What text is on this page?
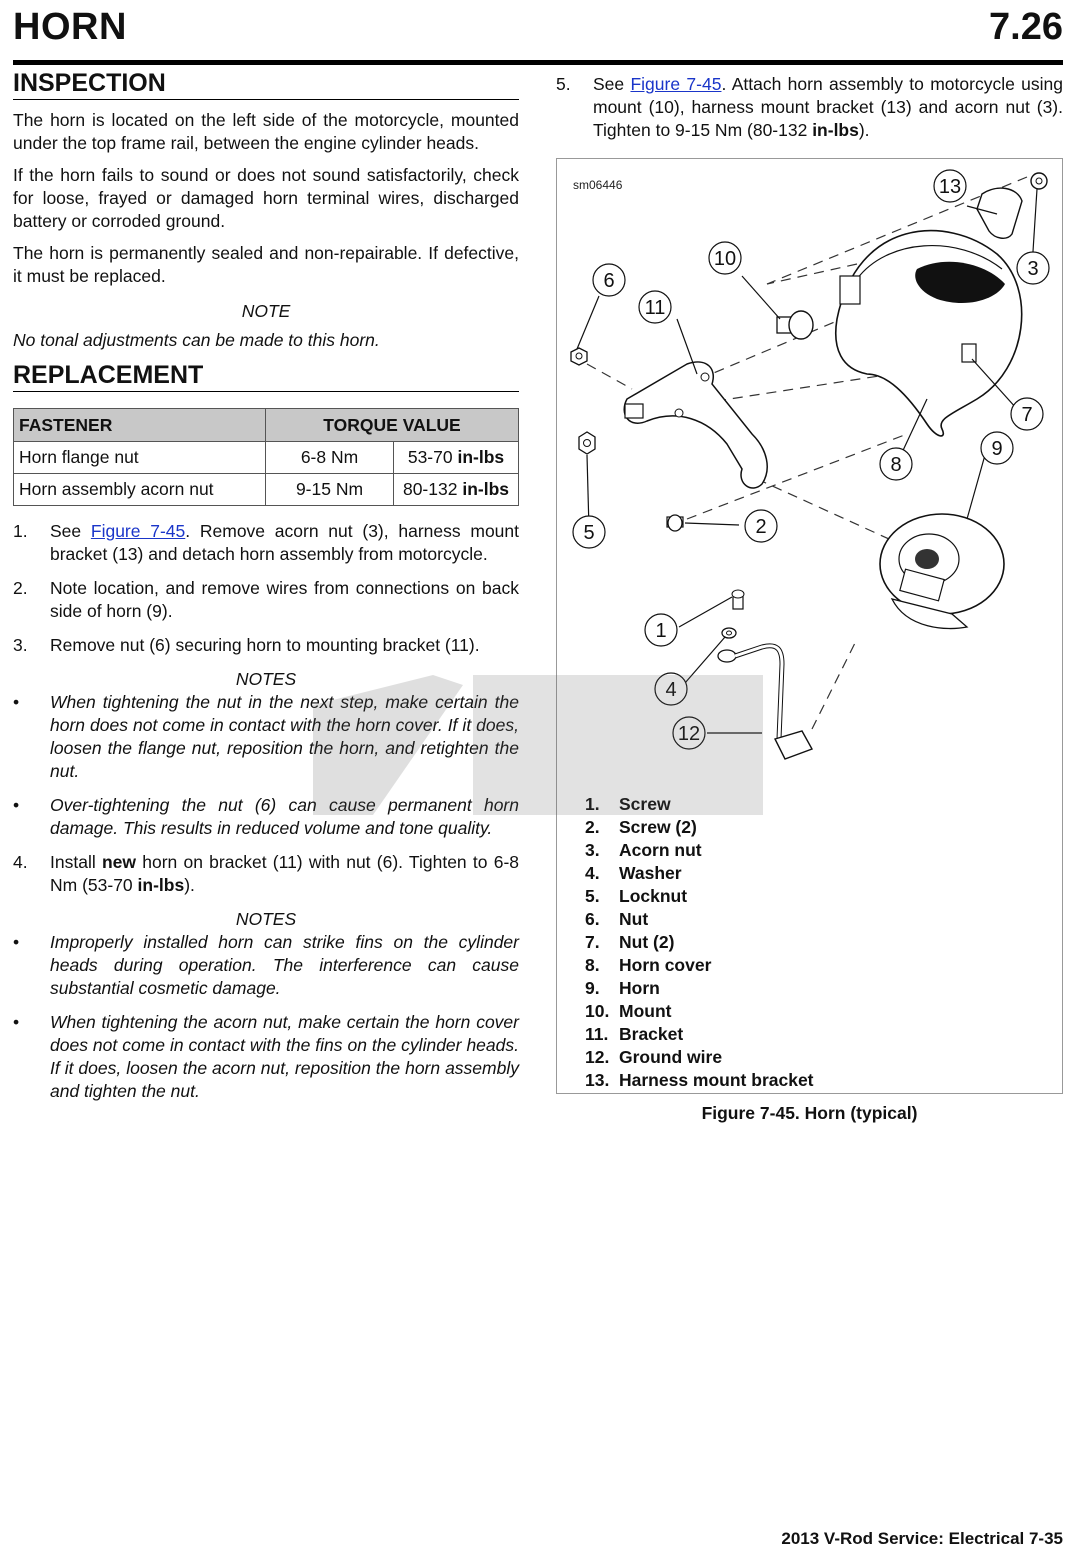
HORN	7.26
INSPECTION

The horn is located on the left side of the motorcycle, mounted under the top frame rail, between the engine cylinder heads.

If the horn fails to sound or does not sound satisfactorily, check for loose, frayed or damaged horn terminal wires, discharged battery or corroded ground.

The horn is permanently sealed and non-repairable. If defective, it must be replaced.

NOTE

No tonal adjustments can be made to this horn.

REPLACEMENT
FASTENER	TORQUE VALUE	
Horn flange nut	6-8 Nm	53-70 in-lbs
Horn assembly acorn nut	9-15 Nm	80-132 in-lbs
1. See Figure 7-45. Remove acorn nut (3), harness mount bracket (13) and detach horn assembly from motorcycle.
2. Note location, and remove wires from connections on back side of horn (9).
3. Remove nut (6) securing horn to mounting bracket (11).
NOTES
• When tightening the nut in the next step, make certain the horn does not come in contact with the horn cover. If it does, loosen the flange nut, reposition the horn, and retighten the nut.
• Over-tightening the nut (6) can cause permanent horn damage. This results in reduced volume and tone quality.
4. Install new horn on bracket (11) with nut (6). Tighten to 6-8 Nm (53-70 in-lbs).
NOTES
• Improperly installed horn can strike fins on the cylinder heads during operation. The interference can cause substantial cosmetic damage.
• When tightening the acorn nut, make certain the horn cover does not come in contact with the fins on the cylinder heads. If it does, loosen the acorn nut, reposition the horn assembly and tighten the nut.
5. See Figure 7-45. Attach horn assembly to motorcycle using mount (10), harness mount bracket (13) and acorn nut (3). Tighten to 9-15 Nm (80-132 in-lbs).
sm06446
6
11
10
13
3
7
9
8
5	2
1
4
12
1. Screw
2. Screw (2)
3. Acorn nut
4. Washer
5. Locknut
6. Nut
7. Nut (2)
8. Horn cover
9. Horn
10. Mount
11. Bracket
12. Ground wire
13. Harness mount bracket
Figure 7-45. Horn (typical)
2013 V-Rod Service: Electrical 7-35
